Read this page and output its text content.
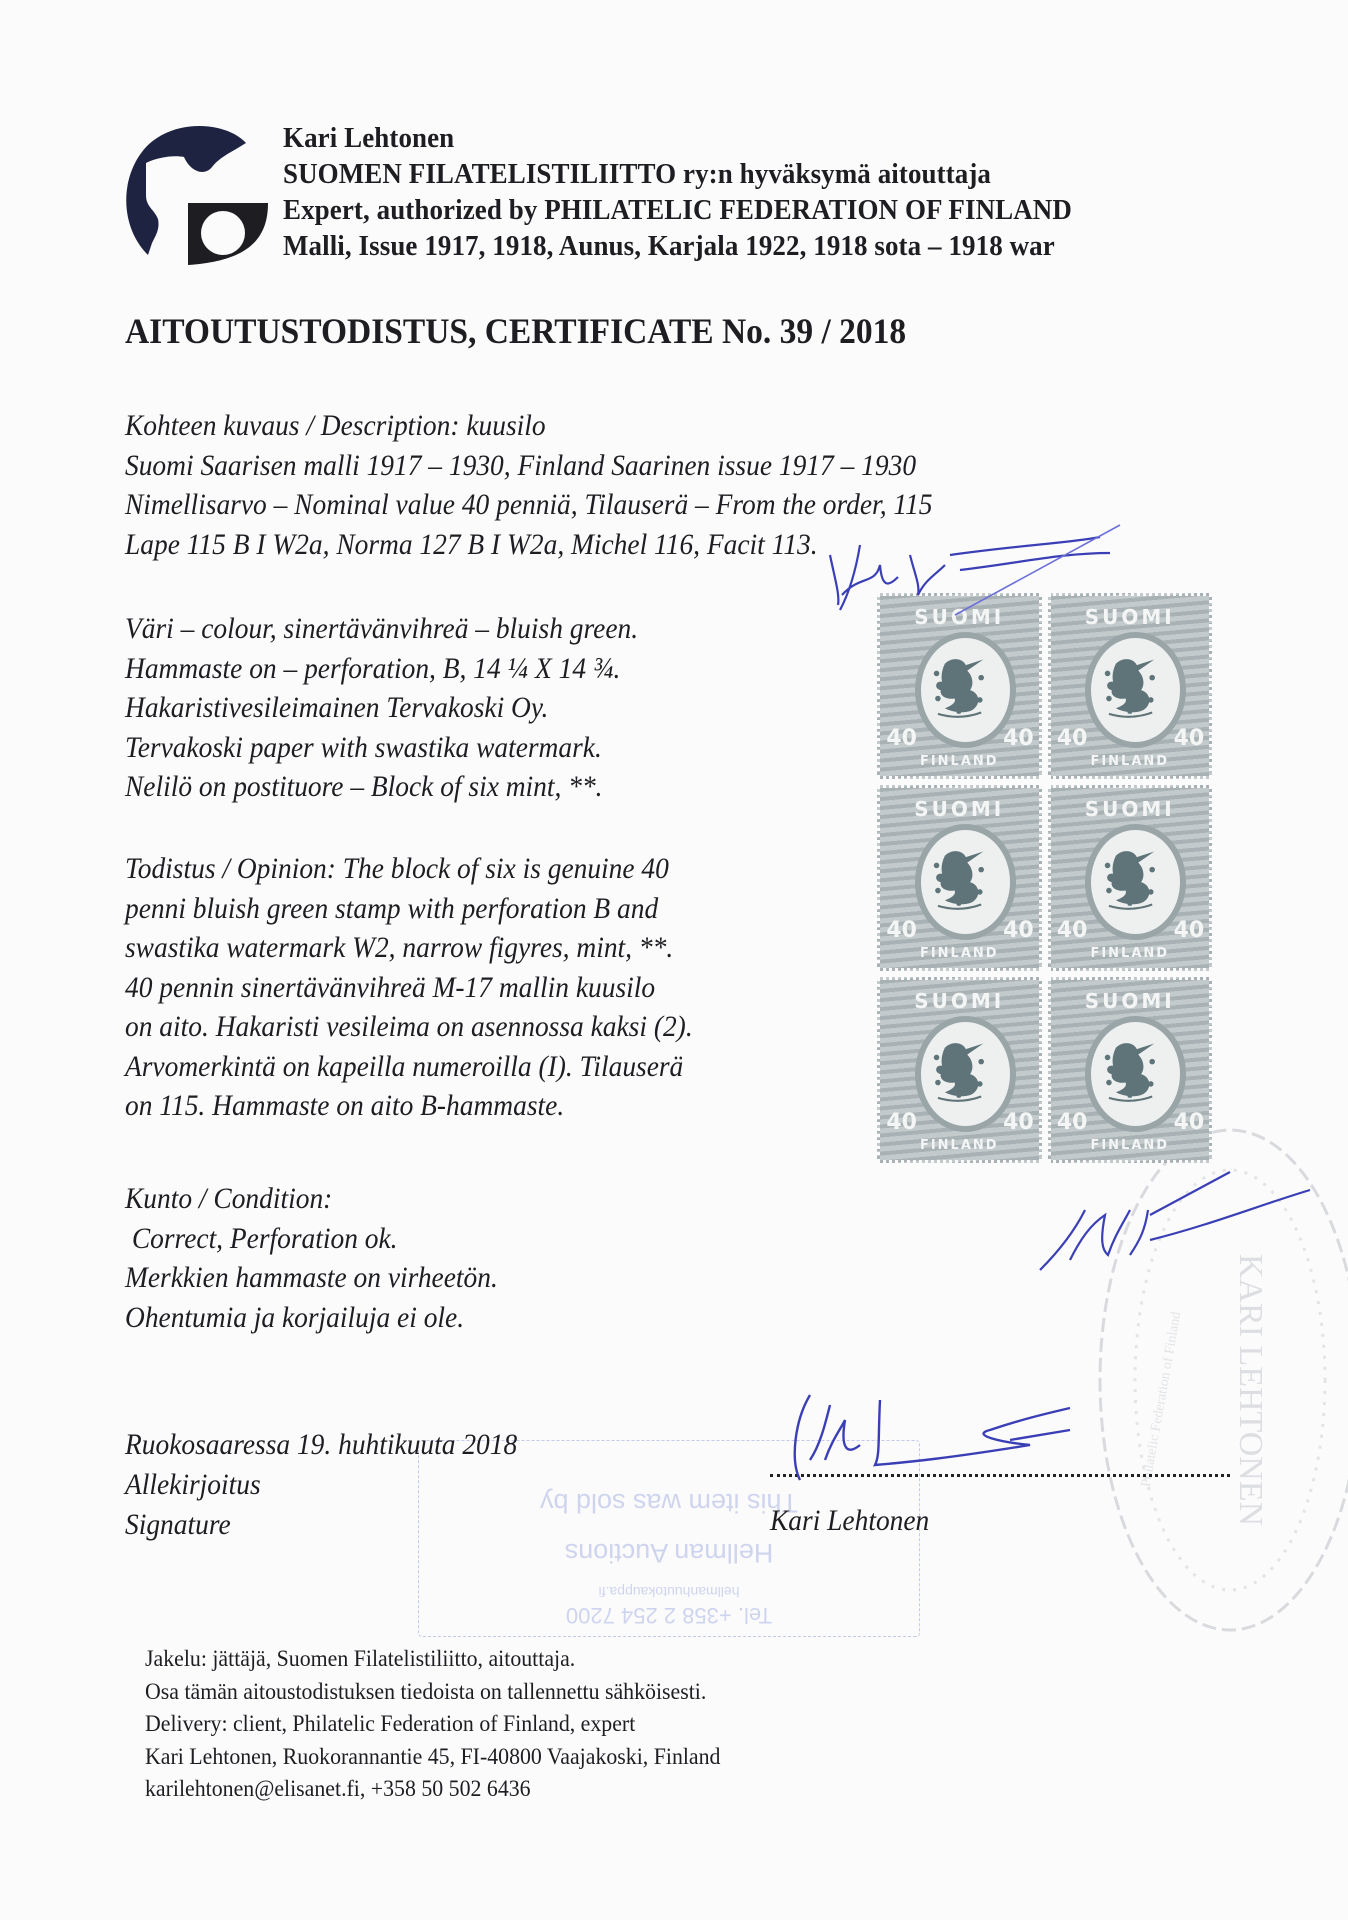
Kari Lehtonen
SUOMEN FILATELISTILIITTO ry:n hyväksymä aitouttaja
Expert, authorized by PHILATELIC FEDERATION OF FINLAND
Malli, Issue 1917, 1918, Aunus, Karjala 1922, 1918 sota – 1918 war
AITOUTUSTODISTUS, CERTIFICATE No. 39 / 2018
Kohteen kuvaus / Description: kuusilo
Suomi Saarisen malli 1917 – 1930, Finland Saarinen issue 1917 – 1930
Nimellisarvo – Nominal value 40 penniä, Tilauserä – From the order, 115
Lape 115 B I W2a, Norma 127 B I W2a, Michel 116, Facit 113.
Väri – colour, sinertävänvihreä – bluish green.
Hammaste on – perforation, B, 14 ¼ X 14 ¾.
Hakaristivesileimainen Tervakoski Oy.
Tervakoski paper with swastika watermark.
Nelilö on postituore – Block of six mint, **.
Todistus / Opinion: The block of six is genuine 40
penni bluish green stamp with perforation B and
swastika watermark W2, narrow figyres, mint, **.
40 pennin sinertävänvihreä M-17 mallin kuusilo
on aito. Hakaristi vesileima on asennossa kaksi (2).
Arvomerkintä on kapeilla numeroilla (I). Tilauserä
on 115. Hammaste on aito B-hammaste.
Kunto / Condition:
Correct, Perforation ok.
Merkkien hammaste on virheetön.
Ohentumia ja korjailuja ei ole.	KARI LEHTONEN
Philatelic Federation of Finland
SUOMI
40	40
FINLAND
SUOMI
40	40
FINLAND
SUOMI
40	40
FINLAND
SUOMI
40	40
FINLAND
SUOMI
40	40
FINLAND
SUOMI
40	40
FINLAND
This item was sold by
Hellman Auctions
hellmanhuutokauppa.fi
Tel. +358 2 254 7200
Ruokosaaressa 19. huhtikuuta 2018
Allekirjoitus
Signature	Kari Lehtonen
Jakelu: jättäjä, Suomen Filatelistiliitto, aitouttaja.
Osa tämän aitoustodistuksen tiedoista on tallennettu sähköisesti.
Delivery: client, Philatelic Federation of Finland, expert
Kari Lehtonen, Ruokorannantie 45, FI-40800 Vaajakoski, Finland
karilehtonen@elisanet.fi, +358 50 502 6436
